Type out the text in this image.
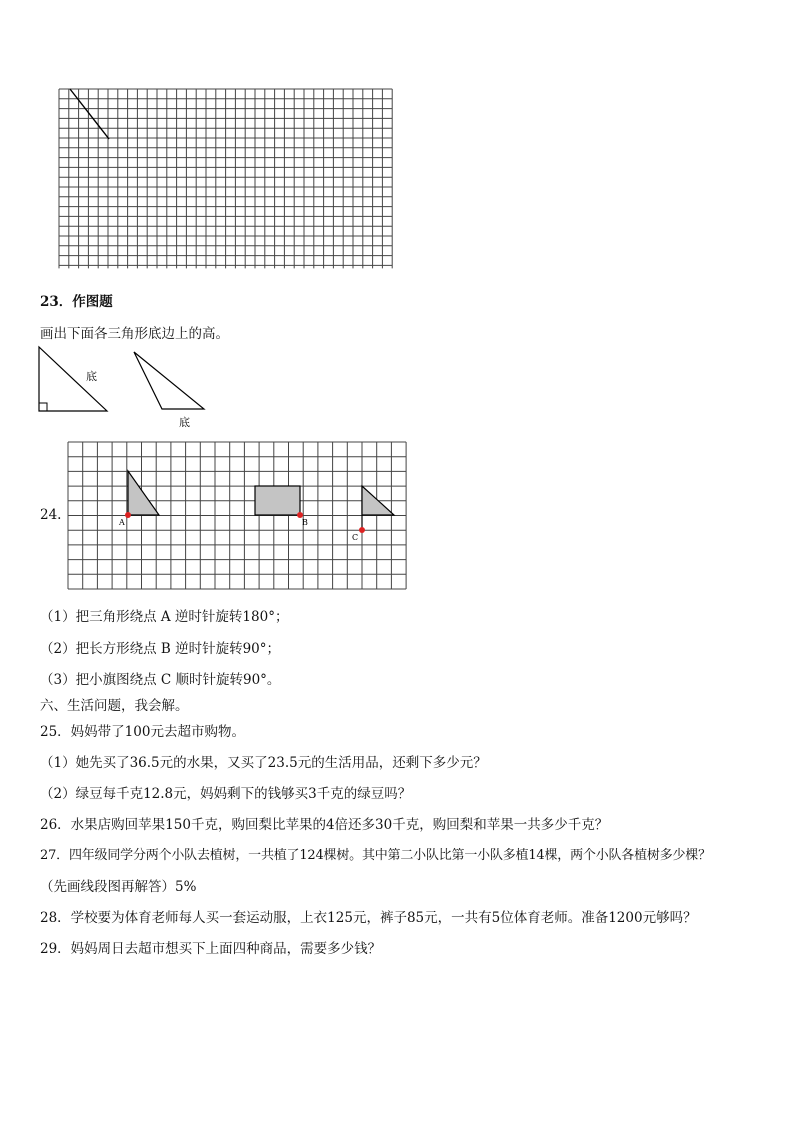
23．作图题
画出下面各三角形底边上的高。
底
底
24.	A	B
C
（1）把三角形绕点 A 逆时针旋转180°；
（2）把长方形绕点 B 逆时针旋转90°；
（3）把小旗图绕点 C 顺时针旋转90°。
六、生活问题，我会解。
25．妈妈带了100元去超市购物。
（1）她先买了36.5元的水果，又买了23.5元的生活用品，还剩下多少元？
（2）绿豆每千克12.8元，妈妈剩下的钱够买3千克的绿豆吗？
26．水果店购回苹果150千克，购回梨比苹果的4倍还多30千克，购回梨和苹果一共多少千克？
27．四年级同学分两个小队去植树，一共植了124棵树。其中第二小队比第一小队多植14棵，两个小队各植树多少棵？
（先画线段图再解答）5%
28．学校要为体育老师每人买一套运动服，上衣125元，裤子85元，一共有5位体育老师。准备1200元够吗？
29．妈妈周日去超市想买下上面四种商品，需要多少钱？
